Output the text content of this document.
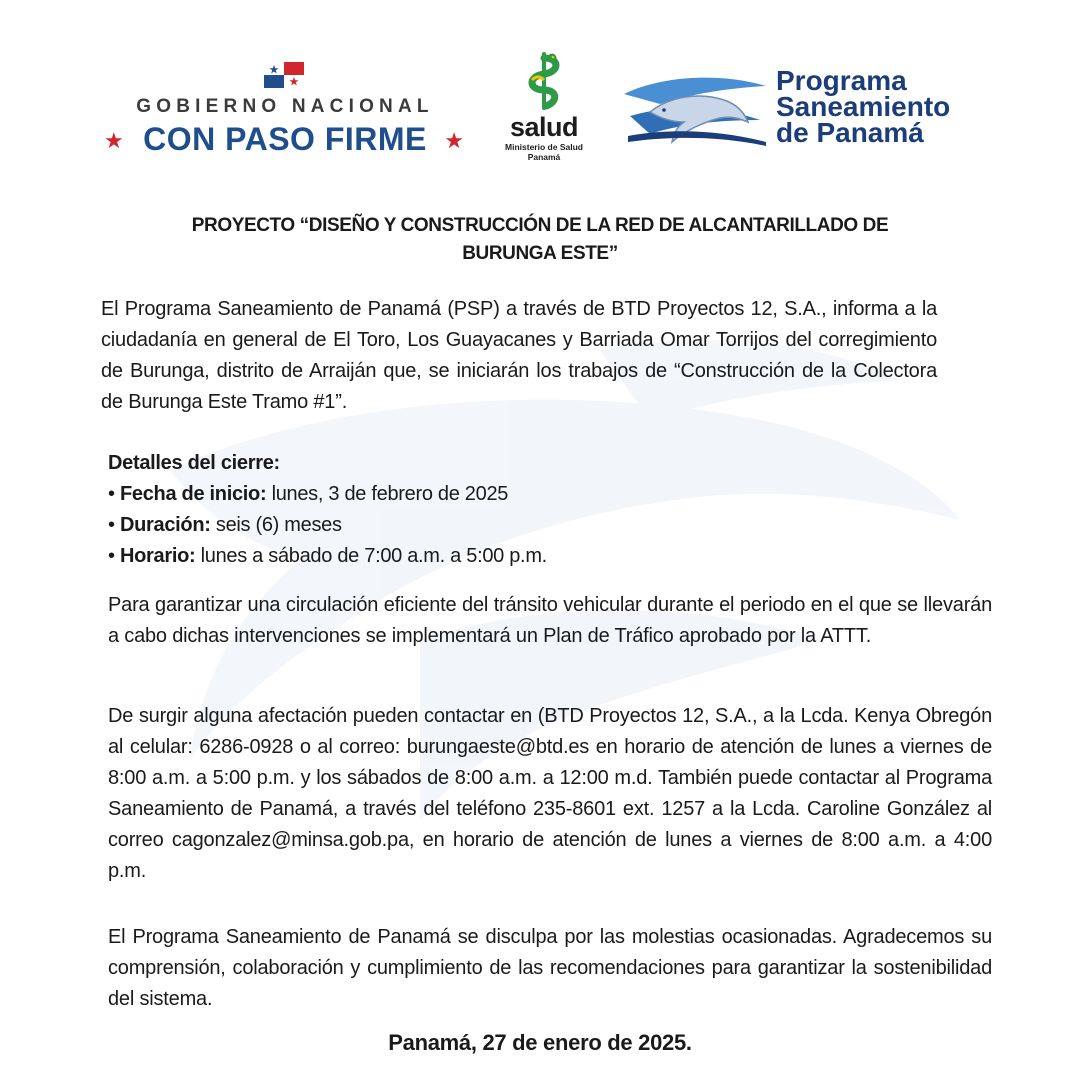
GOBIERNO NACIONAL
★ CON PASO FIRME ★	salud
Ministerio de Salud
Panamá
Programa
Saneamiento
de Panamá
PROYECTO “DISEÑO Y CONSTRUCCIÓN DE LA RED DE ALCANTARILLADO DE
BURUNGA ESTE”

El Programa Saneamiento de Panamá (PSP) a través de BTD Proyectos 12, S.A., informa a la ciudadanía en general de El Toro, Los Guayacanes y Barriada Omar Torrijos del corregimiento de Burunga, distrito de Arraiján que, se iniciarán los trabajos de “Construcción de la Colectora de Burunga Este Tramo #1”.

Detalles del cierre:
• Fecha de inicio: lunes, 3 de febrero de 2025
• Duración: seis (6) meses
• Horario: lunes a sábado de 7:00 a.m. a 5:00 p.m.

Para garantizar una circulación eficiente del tránsito vehicular durante el periodo en el que se llevarán a cabo dichas intervenciones se implementará un Plan de Tráfico aprobado por la ATTT.

De surgir alguna afectación pueden contactar en (BTD Proyectos 12, S.A., a la Lcda. Kenya Obregón al celular: 6286-0928 o al correo: burungaeste@btd.es en horario de atención de lunes a viernes de 8:00 a.m. a 5:00 p.m. y los sábados de 8:00 a.m. a 12:00 m.d. También puede contactar al Programa Saneamiento de Panamá, a través del teléfono 235-8601 ext. 1257 a la Lcda. Caroline González al correo cagonzalez@minsa.gob.pa, en horario de atención de lunes a viernes de 8:00 a.m. a 4:00 p.m.

El Programa Saneamiento de Panamá se disculpa por las molestias ocasionadas. Agradecemos su comprensión, colaboración y cumplimiento de las recomendaciones para garantizar la sostenibilidad del sistema.

Panamá, 27 de enero de 2025.
